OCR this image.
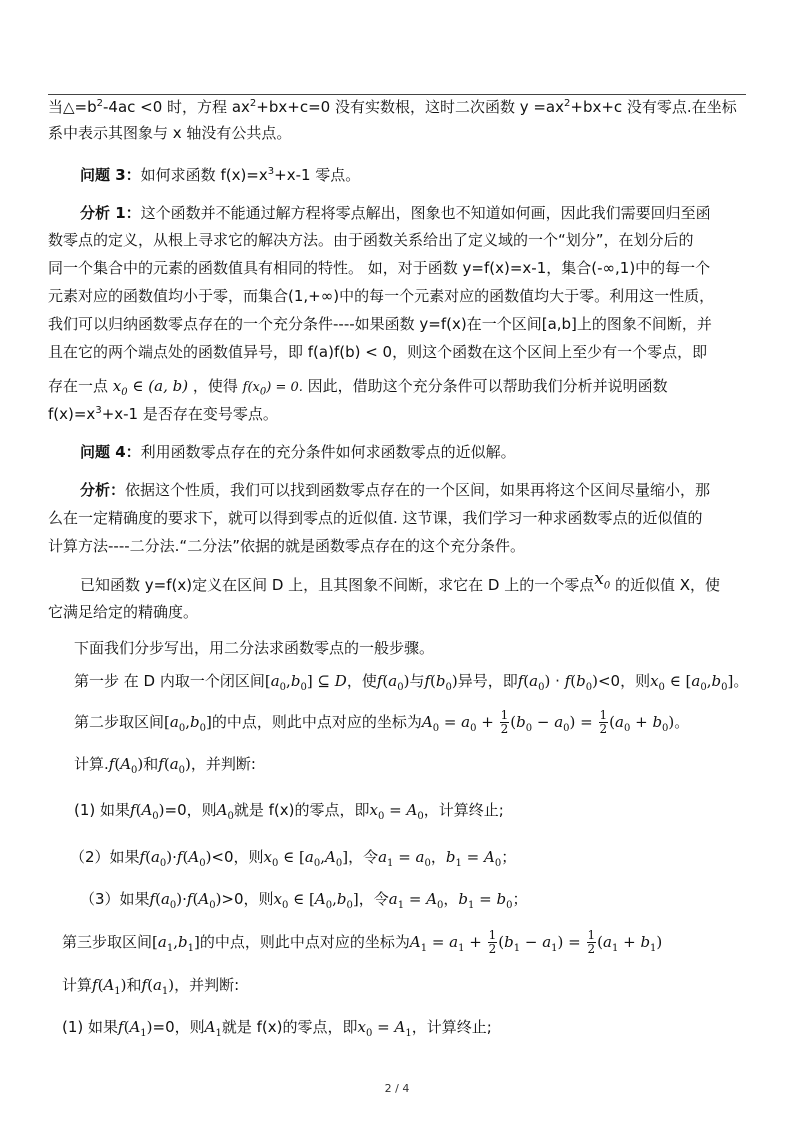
当$\triangle=b^2-4ac <0$ 时，方程 $ax^2+bx+c=0$ 没有实数根，这时二次函数 $y =ax^2+bx+c$ 没有零点.在坐标
系中表示其图象与 x 轴没有公共点。
问题 3：如何求函数 $f(x)=x^3+x-1$ 零点。
分析 1：这个函数并不能通过解方程将零点解出，图象也不知道如何画，因此我们需要回归至函
数零点的定义，从根上寻求它的解决方法。由于函数关系给出了定义域的一个“划分”，在划分后的
同一个集合中的元素的函数值具有相同的特性。 如，对于函数 y=f(x)=x-1，集合(-∞,1)中的每一个
元素对应的函数值均小于零，而集合(1,+∞)中的每一个元素对应的函数值均大于零。利用这一性质，
我们可以归纳函数零点存在的一个充分条件----如果函数 y=f(x)在一个区间[a,b]上的图象不间断，并
且在它的两个端点处的函数值异号，即 f(a)f(b) < 0，则这个函数在这个区间上至少有一个零点，即
存在一点 $x_0$ ∈ (a, b) ，使得 $f(x_0) = 0$. 因此，借助这个充分条件可以帮助我们分析并说明函数
$f(x)=x^3+x-1$ 是否存在变号零点。
问题 4：利用函数零点存在的充分条件如何求函数零点的近似解。
分析：依据这个性质，我们可以找到函数零点存在的一个区间，如果再将这个区间尽量缩小，那
么在一定精确度的要求下，就可以得到零点的近似值. 这节课，我们学习一种求函数零点的近似值的
计算方法----二分法.“二分法”依据的就是函数零点存在的这个充分条件。
已知函数 y=f(x)定义在区间 D 上，且其图象不间断，求它在 D 上的一个零点$x_0$ 的近似值 X，使
它满足给定的精确度。
下面我们分步写出，用二分法求函数零点的一般步骤。
第一步 在 D 内取一个闭区间$[a_0,b_0]$ ⊆ D，使$f(a_0)$与$f(b_0)$异号，即$f(a_0) \cdot f(b_0)<0$，则$x_0$ ∈ $[a_0,b_0]$。
第二步取区间$[a_0,b_0]$的中点，则此中点对应的坐标为$A_0 = a_0 + \frac{1}{2} (b_0 - a_0) = \frac{1}{2} (a_0 + b_0)$。
计算$.f(A_0)$和$f(a_0)$，并判断:
(1) 如果$f(A_0)=0$，则$A_0$就是 f(x)的零点，即$x_0 = A_0$，计算终止;
（2）如果$f(a_0)\cdot f(A_0)<0$，则$x_0$ ∈ $[a_0,A_0]$，令$a_1 = a_0$，$b_1 = A_0$；
（3）如果$f(a_0)\cdot f(A_0)>0$，则$x_0$ ∈ $[A_0,b_0]$，令$a_1 = A_0$，$b_1 = b_0$；
第三步取区间$[a_1,b_1]$的中点，则此中点对应的坐标为$A_1 = a_1 + \frac{1}{2} (b_1 - a_1) = \frac{1}{2} (a_1 + b_1)$
计算$f(A_1)$和$f(a_1)$，并判断:
(1) 如果$f(A_1)=0$，则$A_1$就是 f(x)的零点，即$x_0 = A_1$，计算终止;
2 / 4
